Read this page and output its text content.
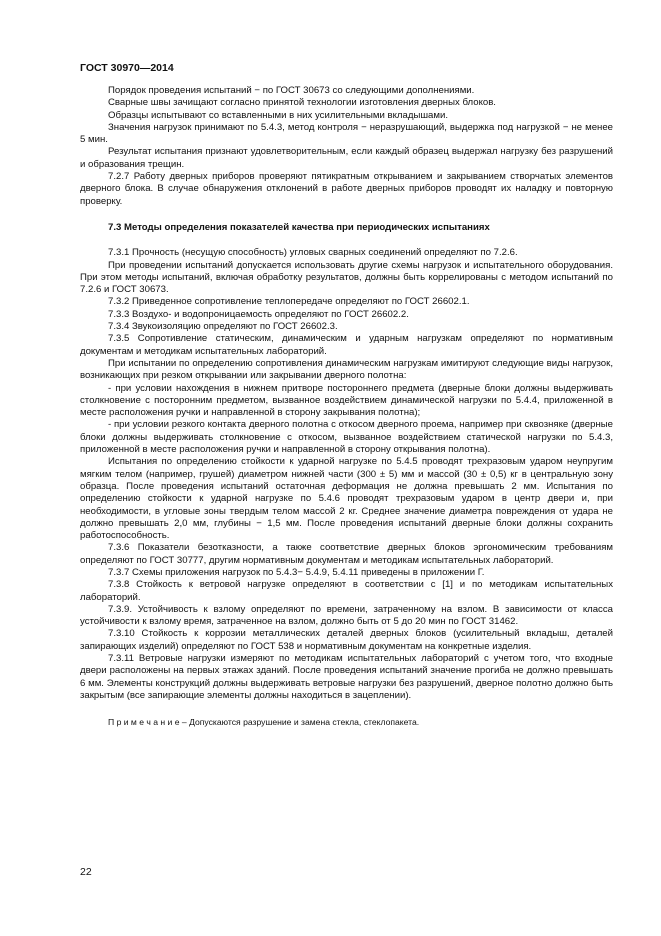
ГОСТ 30970—2014

Порядок проведения испытаний − по ГОСТ 30673 со следующими дополнениями.

Сварные швы зачищают согласно принятой технологии изготовления дверных блоков.

Образцы испытывают со вставленными в них усилительными вкладышами.

Значения нагрузок принимают по 5.4.3, метод контроля − неразрушающий, выдержка под нагрузкой − не менее 5 мин.

Результат испытания признают удовлетворительным, если каждый образец выдержал нагрузку без разрушений и образования трещин.

7.2.7 Работу дверных приборов проверяют пятикратным открыванием и закрыванием створчатых элементов дверного блока. В случае обнаружения отклонений в работе дверных приборов проводят их наладку и повторную проверку.

7.3 Методы определения показателей качества при периодических испытаниях

7.3.1 Прочность (несущую способность) угловых сварных соединений определяют по 7.2.6.

При проведении испытаний допускается использовать другие схемы нагрузок и испытательного оборудования. При этом методы испытаний, включая обработку результатов, должны быть коррелированы с методом испытаний по 7.2.6 и ГОСТ 30673.

7.3.2 Приведенное сопротивление теплопередаче определяют по ГОСТ 26602.1.

7.3.3 Воздухо- и водопроницаемость определяют по ГОСТ 26602.2.

7.3.4 Звукоизоляцию определяют по ГОСТ 26602.3.

7.3.5 Сопротивление статическим, динамическим и ударным нагрузкам определяют по нормативным документам и методикам испытательных лабораторий.

При испытании по определению сопротивления динамическим нагрузкам имитируют следующие виды нагрузок, возникающих при резком открывании или закрывании дверного полотна:

- при условии нахождения в нижнем притворе постороннего предмета (дверные блоки должны выдерживать столкновение с посторонним предметом, вызванное воздействием динамической нагрузки по 5.4.4, приложенной в месте расположения ручки и направленной в сторону закрывания полотна);

- при условии резкого контакта дверного полотна с откосом дверного проема, например при сквозняке (дверные блоки должны выдерживать столкновение с откосом, вызванное воздействием статической нагрузки по 5.4.3, приложенной в месте расположения ручки и направленной в сторону открывания полотна).

Испытания по определению стойкости к ударной нагрузке по 5.4.5 проводят трехразовым ударом неупругим мягким телом (например, грушей) диаметром нижней части (300 ± 5) мм и массой (30 ± 0,5) кг в центральную зону образца. После проведения испытаний остаточная деформация не должна превышать 2 мм. Испытания по определению стойкости к ударной нагрузке по 5.4.6 проводят трехразовым ударом в центр двери и, при необходимости, в угловые зоны твердым телом массой 2 кг. Среднее значение диаметра повреждения от удара не должно превышать 2,0 мм, глубины − 1,5 мм. После проведения испытаний дверные блоки должны сохранить работоспособность.

7.3.6 Показатели безотказности, а также соответствие дверных блоков эргономическим требованиям определяют по ГОСТ 30777, другим нормативным документам и методикам испытательных лабораторий.

7.3.7 Схемы приложения нагрузок по 5.4.3− 5.4.9, 5.4.11 приведены в приложении Г.

7.3.8 Стойкость к ветровой нагрузке определяют в соответствии с [1] и по методикам испытательных лабораторий.

7.3.9. Устойчивость к взлому определяют по времени, затраченному на взлом. В зависимости от класса устойчивости к взлому время, затраченное на взлом, должно быть от 5 до 20 мин по ГОСТ 31462.

7.3.10 Стойкость к коррозии металлических деталей дверных блоков (усилительный вкладыш, деталей запирающих изделий) определяют по ГОСТ 538 и нормативным документам на конкретные изделия.

7.3.11 Ветровые нагрузки измеряют по методикам испытательных лабораторий с учетом того, что входные двери расположены на первых этажах зданий. После проведения испытаний значение прогиба не должно превышать 6 мм. Элементы конструкций должны выдерживать ветровые нагрузки без разрушений, дверное полотно должно быть закрытым (все запирающие элементы должны находиться в зацеплении).

П р и м е ч а н и е – Допускаются разрушение и замена стекла, стеклопакета.

22
